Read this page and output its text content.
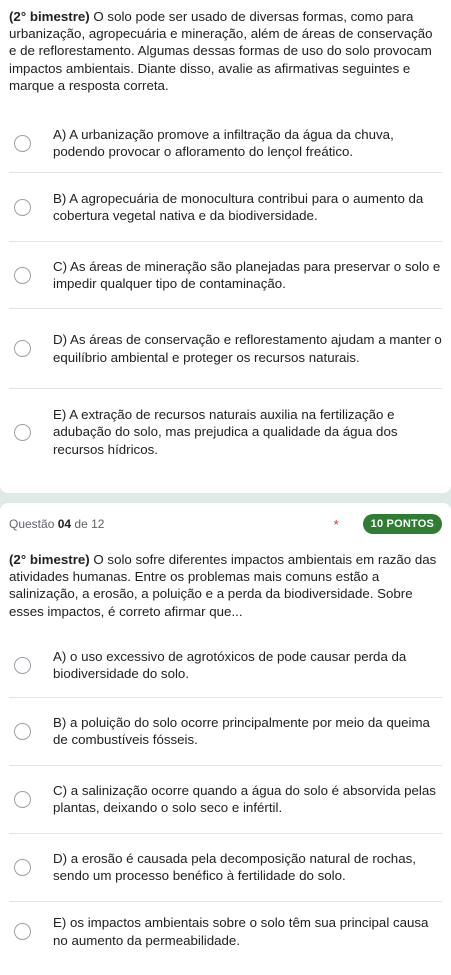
(2° bimestre) O solo pode ser usado de diversas formas, como para urbanização, agropecuária e mineração, além de áreas de conservação e de reflorestamento. Algumas dessas formas de uso do solo provocam impactos ambientais. Diante disso, avalie as afirmativas seguintes e marque a resposta correta.

A) A urbanização promove a infiltração da água da chuva, podendo provocar o afloramento do lençol freático.
B) A agropecuária de monocultura contribui para o aumento da cobertura vegetal nativa e da biodiversidade.
C) As áreas de mineração são planejadas para preservar o solo e impedir qualquer tipo de contaminação.
D) As áreas de conservação e reflorestamento ajudam a manter o equilíbrio ambiental e proteger os recursos naturais.
E) A extração de recursos naturais auxilia na fertilização e adubação do solo, mas prejudica a qualidade da água dos recursos hídricos.
Questão 04 de 12	*	10 PONTOS

(2° bimestre) O solo sofre diferentes impactos ambientais em razão das atividades humanas. Entre os problemas mais comuns estão a salinização, a erosão, a poluição e a perda da biodiversidade. Sobre esses impactos, é correto afirmar que...

A) o uso excessivo de agrotóxicos de pode causar perda da biodiversidade do solo.
B) a poluição do solo ocorre principalmente por meio da queima de combustíveis fósseis.
C) a salinização ocorre quando a água do solo é absorvida pelas plantas, deixando o solo seco e infértil.
D) a erosão é causada pela decomposição natural de rochas, sendo um processo benéfico à fertilidade do solo.
E) os impactos ambientais sobre o solo têm sua principal causa no aumento da permeabilidade.
